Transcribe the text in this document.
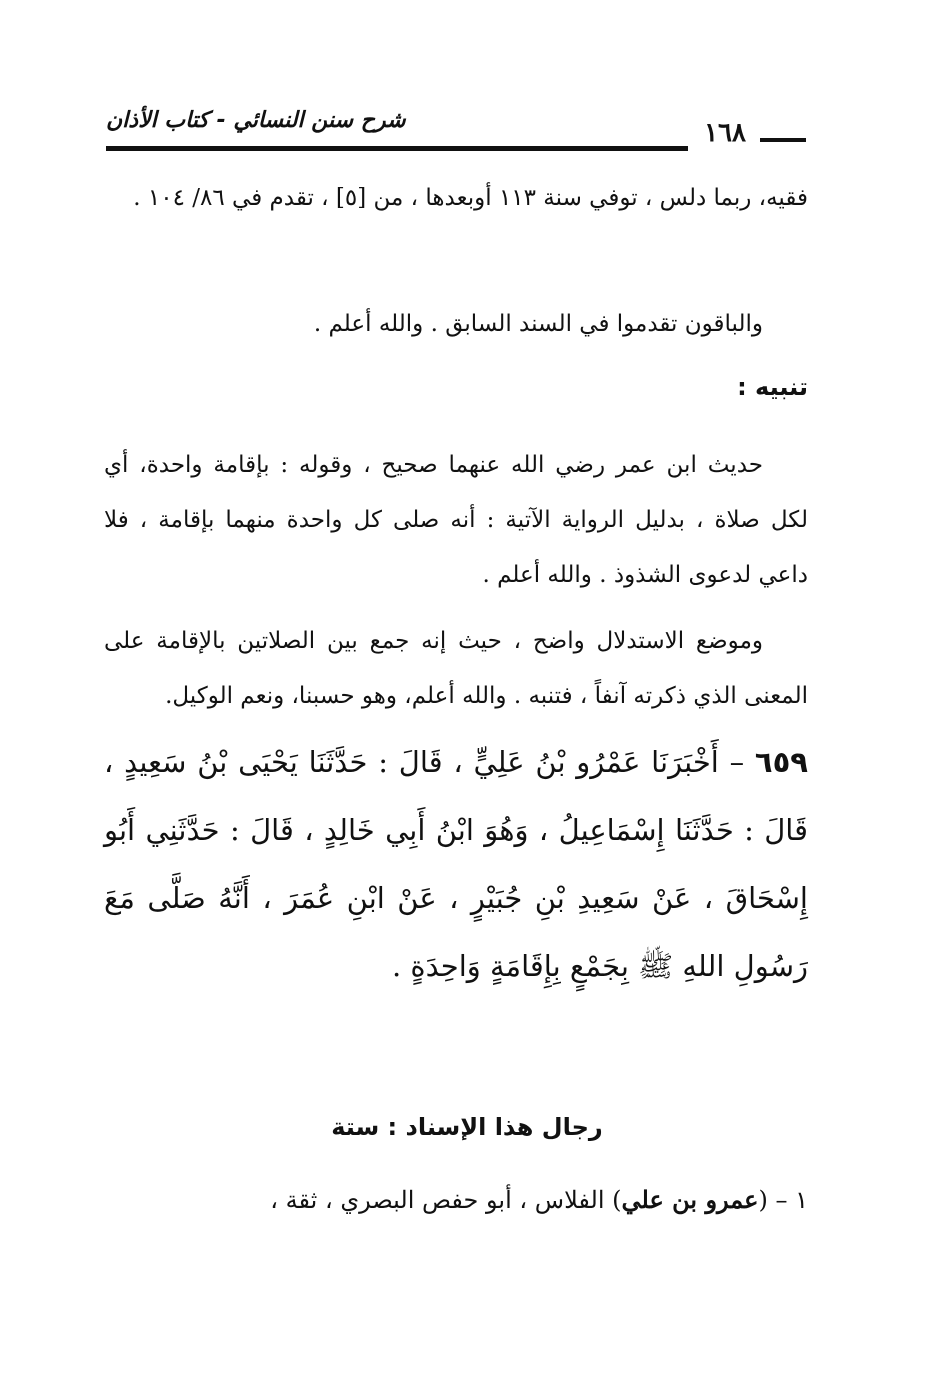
شرح سنن النسائي - كتاب الأذان	١٦٨
فقيه، ربما دلس ، توفي سنة ١١٣ أوبعدها ، من [٥] ، تقدم في ٨٦/ ١٠٤ .
والباقون تقدموا في السند السابق . والله أعلم .
تنبيه :
حديث ابن عمر رضي الله عنهما صحيح ، وقوله : بإقامة واحدة، أي لكل صلاة ، بدليل الرواية الآتية : أنه صلى كل واحدة منهما بإقامة ، فلا داعي لدعوى الشذوذ . والله أعلم .
وموضع الاستدلال واضح ، حيث إنه جمع بين الصلاتين بالإقامة على المعنى الذي ذكرته آنفاً ، فتنبه . والله أعلم، وهو حسبنا، ونعم الوكيل.
٦٥٩ – أَخْبَرَنَا عَمْرُو بْنُ عَلِيٍّ ، قَالَ : حَدَّثَنَا يَحْيَى بْنُ سَعِيدٍ ، قَالَ : حَدَّثَنَا إِسْمَاعِيلُ ، وَهُوَ ابْنُ أَبِي خَالِدٍ ، قَالَ : حَدَّثَنِي أَبُو إِسْحَاقَ ، عَنْ سَعِيدِ بْنِ جُبَيْرٍ ، عَنْ ابْنِ عُمَرَ ، أَنَّهُ صَلَّى مَعَ رَسُولِ اللهِ ﷺ بِجَمْعٍ بِإِقَامَةٍ وَاحِدَةٍ .
رجال هذا الإسناد : ستة
١ – (عمرو بن علي) الفلاس ، أبو حفص البصري ، ثقة ،
